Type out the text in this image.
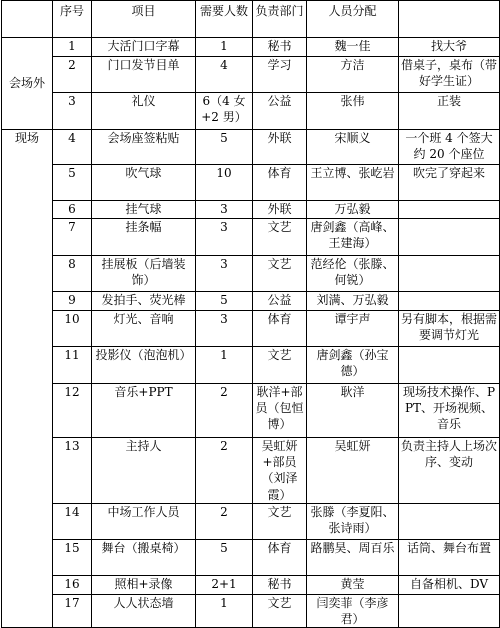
	序号	项目	需要人数	负责部门	人员分配	
会场外	1	大活门口字幕	1	秘书	魏一佳	找大爷
	2	门口发节目单	4	学习	方洁	借桌子，桌布（带好学生证）
	3	礼仪	6（4 女+2 男）	公益	张伟	正装
现场	4	会场座签粘贴	5	外联	宋顺义	一个班 4 个签大约 20 个座位
	5	吹气球	10	体育	王立博、张屹岩	吹完了穿起来
	6	挂气球	3	外联	万弘毅	
	7	挂条幅	3	文艺	唐剑鑫（高峰、王建海）	
	8	挂展板（后墙装饰）	3	文艺	范经伦（张滕、何锐）	
	9	发拍手、荧光棒	5	公益	刘满、万弘毅	
	10	灯光、音响	3	体育	谭宇声	另有脚本，根据需要调节灯光
	11	投影仪（泡泡机）	1	文艺	唐剑鑫（孙宝德）	
	12	音乐+PPT	2	耿洋+部员（包恒博）	耿洋	现场技术操作、PPT、开场视频、音乐
	13	主持人	2	吴虹妍+部员（刘泽霞）	吴虹妍	负责主持人上场次序、变动
	14	中场工作人员	2	文艺	张滕（李夏阳、张诗雨）	
	15	舞台（搬桌椅）	5	体育	路鹏昊、周百乐	话筒、舞台布置
	16	照相+录像	2+1	秘书	黄莹	自备相机、DV
	17	人人状态墙	1	文艺	闫奕菲（李彦君）	
